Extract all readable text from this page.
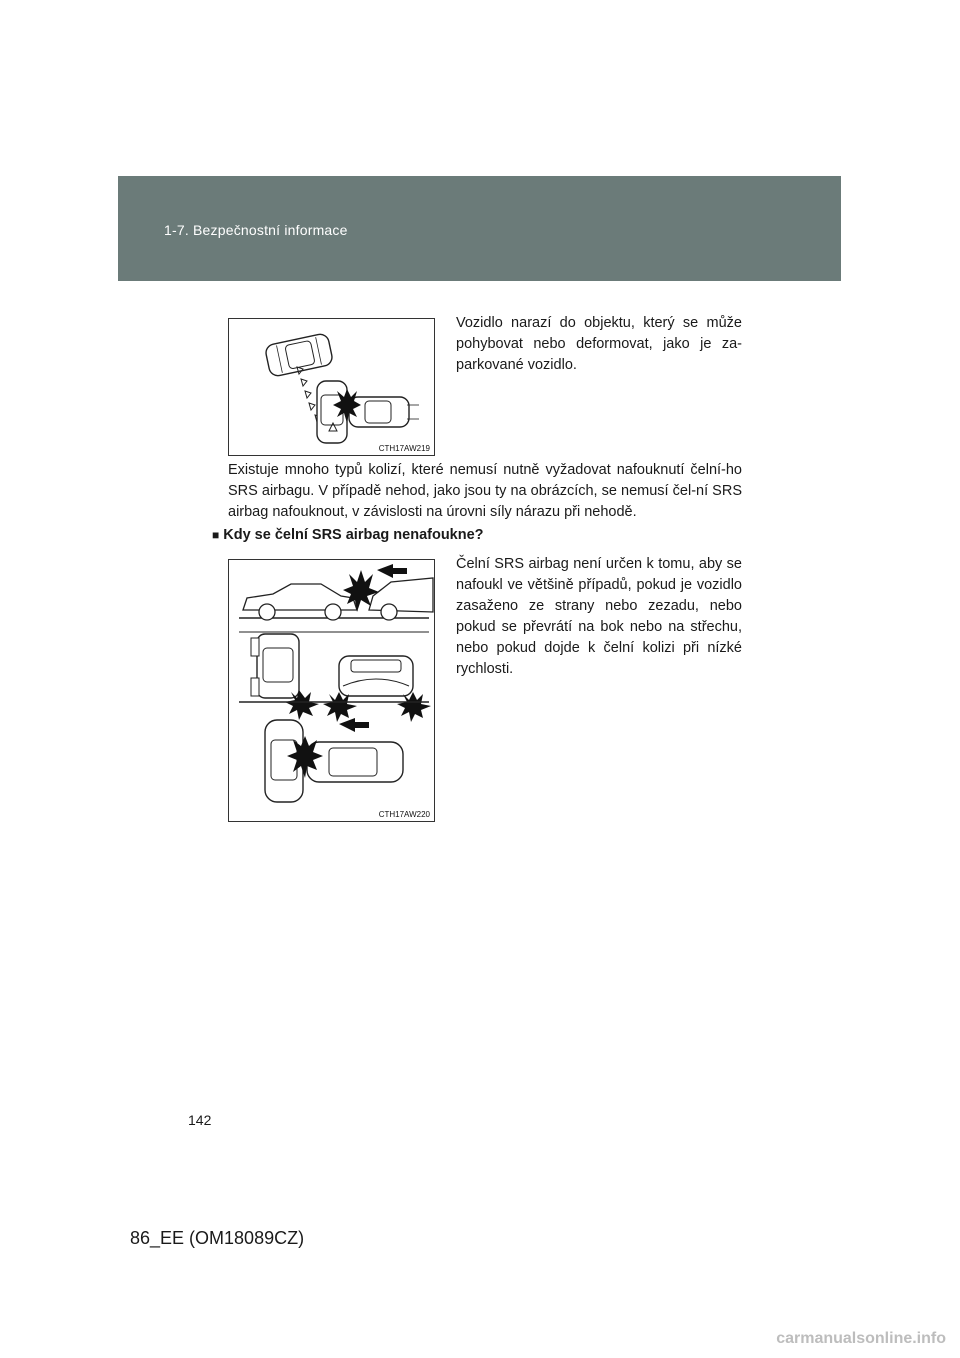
1-7. Bezpečnostní informace
CTH17AW219

Vozidlo narazí do objektu, který se může pohybovat nebo deformovat, jako je za-parkované vozidlo.

Existuje mnoho typů kolizí, které nemusí nutně vyžadovat nafouknutí čelní-ho SRS airbagu. V případě nehod, jako jsou ty na obrázcích, se nemusí čel-ní SRS airbag nafouknout, v závislosti na úrovni síly nárazu při nehodě.

■ Kdy se čelní SRS airbag nenafoukne?
CTH17AW220

Čelní SRS airbag není určen k tomu, aby se nafoukl ve většině případů, pokud je vozidlo zasaženo ze strany nebo zezadu, nebo pokud se převrátí na bok nebo na střechu, nebo pokud dojde k čelní kolizi při nízké rychlosti.

142
86_EE (OM18089CZ)
carmanualsonline.info
